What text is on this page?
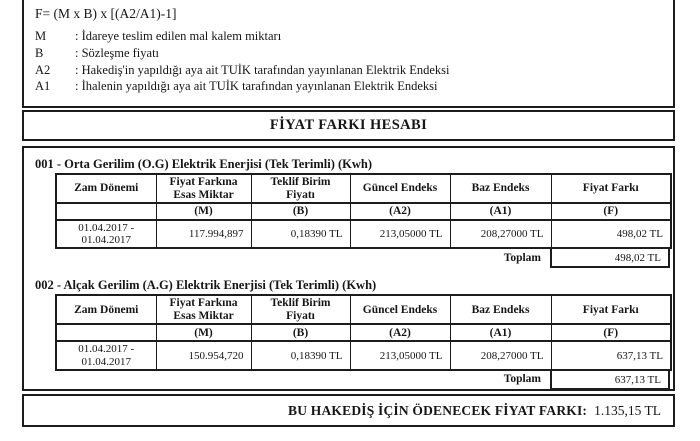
F= (M x B) x [(A2/A1)-1]
M	: İdareye teslim edilen mal kalem miktarı
B	: Sözleşme fiyatı
A2	: Hakediş'in yapıldığı aya ait TUİK tarafından yayınlanan Elektrik Endeksi
A1	: İhalenin yapıldığı aya ait TUİK tarafından yayınlanan Elektrik Endeksi
FİYAT FARKI HESABI
001 - Orta Gerilim (O.G) Elektrik Enerjisi (Tek Terimli) (Kwh)
Zam Dönemi	Fiyat Farkına Esas Miktar	Teklif Birim Fiyatı	Güncel Endeks	Baz Endeks	Fiyat Farkı
	(M)	(B)	(A2)	(A1)	(F)

01.04.2017 -
01.04.2017	117.994,897	0,18390 TL	213,05000 TL	208,27000 TL	498,02 TL
Toplam	498,02 TL
002 - Alçak Gerilim (A.G) Elektrik Enerjisi (Tek Terimli) (Kwh)
Zam Dönemi	Fiyat Farkına Esas Miktar	Teklif Birim Fiyatı	Güncel Endeks	Baz Endeks	Fiyat Farkı
	(M)	(B)	(A2)	(A1)	(F)

01.04.2017 -
01.04.2017	150.954,720	0,18390 TL	213,05000 TL	208,27000 TL	637,13 TL
Toplam	637,13 TL
BU HAKEDİŞ İÇİN ÖDENECEK FİYAT FARKI: 1.135,15 TL
